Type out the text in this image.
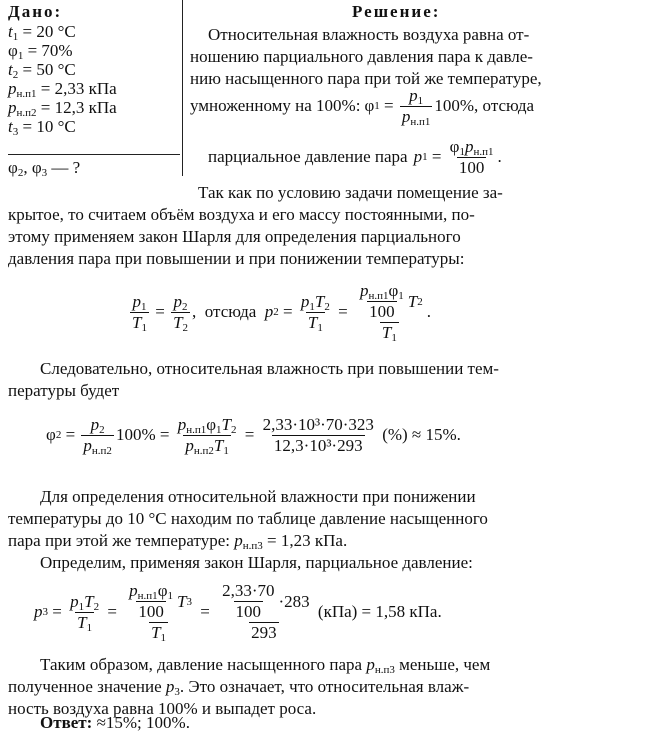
Дано:
$t_1 = 20$ °C
$\varphi_1 = 70\%$
$t_2 = 50$ °C
$p_{н.п1} = 2,33$ кПа
$p_{н.п2} = 12,3$ кПа
$t_3 = 10$ °C
$\varphi_2$, $\varphi_3$ — ?
Решение:
Относительная влажность воздуха равна от-
ношению парциального давления пара к давле-
нию насыщенного пара при той же температуре,
умноженному на 100%: φ $1 = \frac{p_1}{p_{н.п1}} 100\%$ , отсюда
парциальное давление пара p $1 = \frac{\varphi_1p_{н.п1}}{100}$ .
Так как по условию задачи помещение за-
крытое, то считаем объём воздуха и его массу постоянными, по-
этому применяем закон Шарля для определения парциального
давления пара при повышении и при понижении температуры:
$\frac{p_1}{T_1} = \frac{p_2}{T_2}$ , отсюда
p $2 = \frac{p_1T_2}{T_1} = \frac{\frac{p_{н.п1}\varphi_1}{100} T 2}{T_1}$ .
Следовательно, относительная влажность при повышении тем-
пературы будет
φ $2 = \frac{p_2}{p_{н.п2}} 100\% = \frac{p_{н.п1}\varphi_1T_2}{p_{н.п2}T_1} = \frac{\text{2,33·10³·70·323}}{\text{12,3·10³·293}}$
(%) ≈ 15%.
Для определения относительной влажности при понижении
температуры до 10 °C находим по таблице давление насыщенного
пара при этой же температуре: $p_{н.п3} = 1,23$ кПа.
Определим, применяя закон Шарля, парциальное давление:
p $3 = \frac{p_1T_2}{T_1} = \frac{\frac{p_{н.п1}\varphi_1}{100} T 3}{T_1} = \frac{\frac{2,33\cdot 70}{100} \cdot 283}{293}$
(кПа) = 1,58 кПа.
Таким образом, давление насыщенного пара $p_{н.п3}$ меньше, чем
полученное значение $p_3$. Это означает, что относительная влаж-
ность воздуха равна 100% и выпадет роса.
Ответ: ≈15%; 100%.
